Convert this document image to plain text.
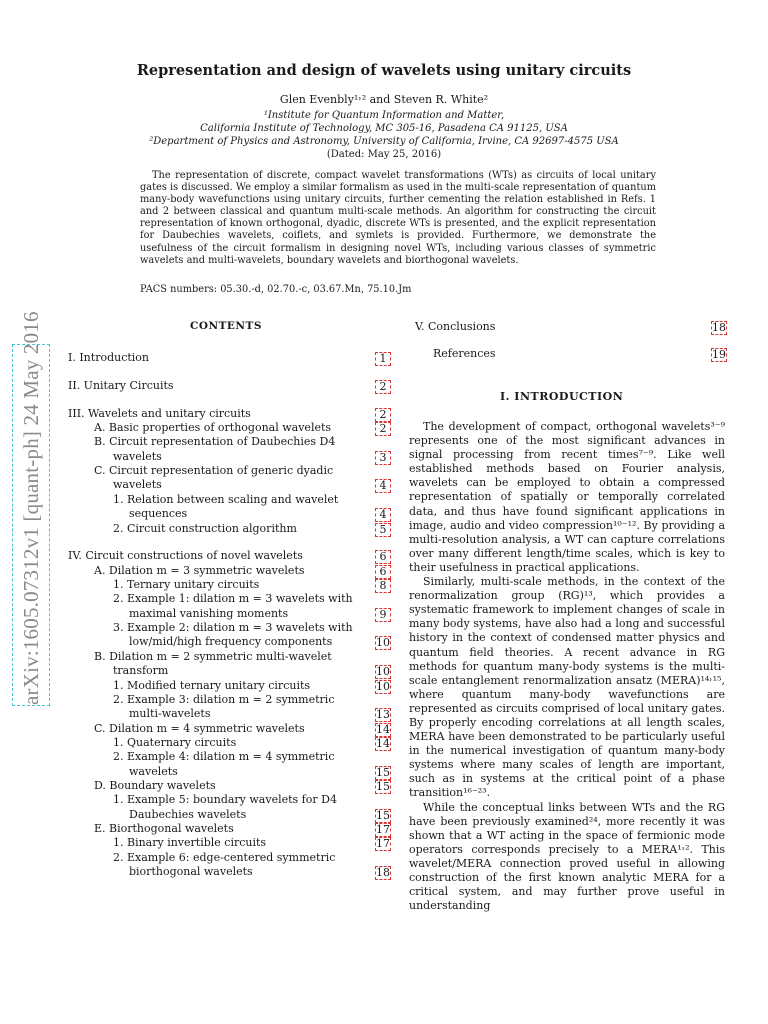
arXiv:1605.07312v1 [quant-ph] 24 May 2016
Representation and design of wavelets using unitary circuits
Glen Evenbly¹˒² and Steven R. White²
¹Institute for Quantum Information and Matter,
California Institute of Technology, MC 305-16, Pasadena CA 91125, USA
²Department of Physics and Astronomy, University of California, Irvine, CA 92697-4575 USA
(Dated: May 25, 2016)
The representation of discrete, compact wavelet transformations (WTs) as circuits of local unitary gates is discussed. We employ a similar formalism as used in the multi-scale representation of quantum many-body wavefunctions using unitary circuits, further cementing the relation established in Refs. 1 and 2 between classical and quantum multi-scale methods. An algorithm for constructing the circuit representation of known orthogonal, dyadic, discrete WTs is presented, and the explicit representation for Daubechies wavelets, coiflets, and symlets is provided. Furthermore, we demonstrate the usefulness of the circuit formalism in designing novel WTs, including various classes of symmetric wavelets and multi-wavelets, boundary wavelets and biorthogonal wavelets.
PACS numbers: 05.30.-d, 02.70.-c, 03.67.Mn, 75.10.Jm
CONTENTS
I. Introduction	1
II. Unitary Circuits	2
III. Wavelets and unitary circuits	2
A. Basic properties of orthogonal wavelets	2
B. Circuit representation of Daubechies D4
wavelets	3
C. Circuit representation of generic dyadic
wavelets	4
1. Relation between scaling and wavelet
sequences	4
2. Circuit construction algorithm	5
IV. Circuit constructions of novel wavelets	6
A. Dilation m = 3 symmetric wavelets	6
1. Ternary unitary circuits	8
2. Example 1: dilation m = 3 wavelets with
maximal vanishing moments	9
3. Example 2: dilation m = 3 wavelets with
low/mid/high frequency components	10
B. Dilation m = 2 symmetric multi-wavelet
transform	10
1. Modified ternary unitary circuits	10
2. Example 3: dilation m = 2 symmetric
multi-wavelets	13
C. Dilation m = 4 symmetric wavelets	14
1. Quaternary circuits	14
2. Example 4: dilation m = 4 symmetric
wavelets	15
D. Boundary wavelets	15
1. Example 5: boundary wavelets for D4
Daubechies wavelets	15
E. Biorthogonal wavelets	17
1. Binary invertible circuits	17
2. Example 6: edge-centered symmetric
biorthogonal wavelets	18
V. Conclusions	18
References	19
I. INTRODUCTION

The development of compact, orthogonal wavelets³⁻⁹ represents one of the most significant advances in signal processing from recent times⁷⁻⁹. Like well established methods based on Fourier analysis, wavelets can be employed to obtain a compressed representation of spatially or temporally correlated data, and thus have found significant applications in image, audio and video compression¹⁰⁻¹². By providing a multi-resolution analysis, a WT can capture correlations over many different length/time scales, which is key to their usefulness in practical applications.

Similarly, multi-scale methods, in the context of the renormalization group (RG)¹³, which provides a systematic framework to implement changes of scale in many body systems, have also had a long and successful history in the context of condensed matter physics and quantum field theories. A recent advance in RG methods for quantum many-body systems is the multi-scale entanglement renormalization ansatz (MERA)¹⁴˒¹⁵, where quantum many-body wavefunctions are represented as circuits comprised of local unitary gates. By properly encoding correlations at all length scales, MERA have been demonstrated to be particularly useful in the numerical investigation of quantum many-body systems where many scales of length are important, such as in systems at the critical point of a phase transition¹⁶⁻²³.

While the conceptual links between WTs and the RG have been previously examined²⁴, more recently it was shown that a WT acting in the space of fermionic mode operators corresponds precisely to a MERA¹˒². This wavelet/MERA connection proved useful in allowing construction of the first known analytic MERA for a critical system, and may further prove useful in understanding
